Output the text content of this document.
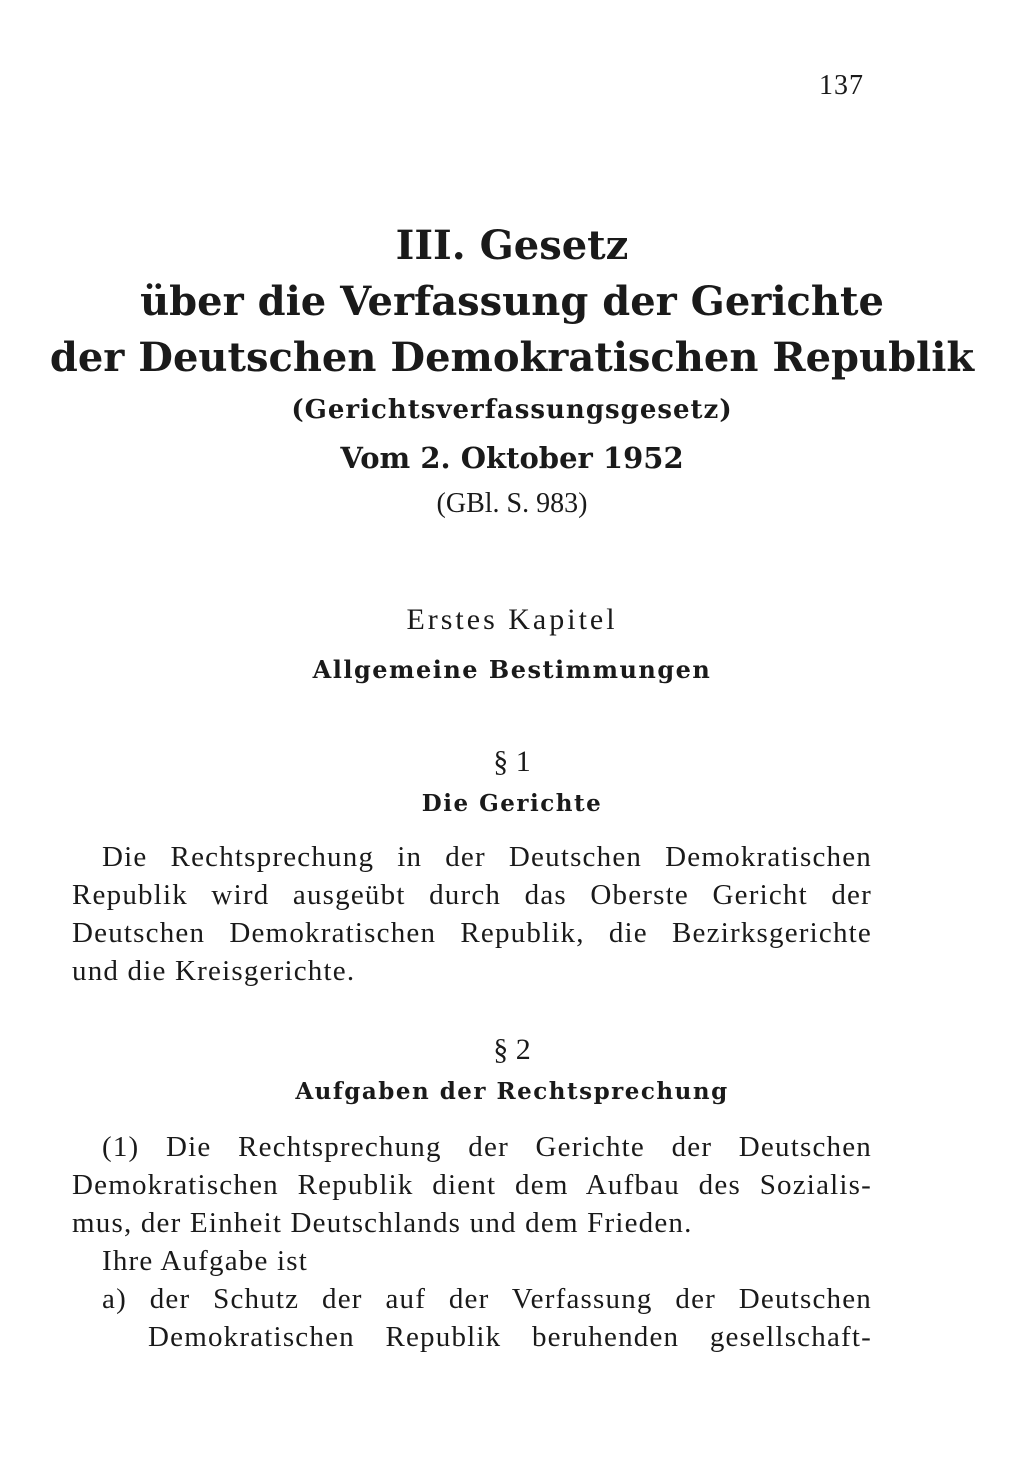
137
III. Gesetz
über die Verfassung der Gerichte
der Deutschen Demokratischen Republik
(Gerichtsverfassungsgesetz)
Vom 2. Oktober 1952
(GBl. S. 983)
Erstes Kapitel
Allgemeine Bestimmungen
§ 1
Die Gerichte
Die Rechtsprechung in der Deutschen Demokratischen
Republik wird ausgeübt durch das Oberste Gericht der
Deutschen Demokratischen Republik, die Bezirksgerichte
und die Kreisgerichte.
§ 2
Aufgaben der Rechtsprechung
(1) Die Rechtsprechung der Gerichte der Deutschen
Demokratischen Republik dient dem Aufbau des Sozialis-
mus, der Einheit Deutschlands und dem Frieden.
Ihre Aufgabe ist
a) der Schutz der auf der Verfassung der Deutschen
Demokratischen Republik beruhenden gesellschaft-
